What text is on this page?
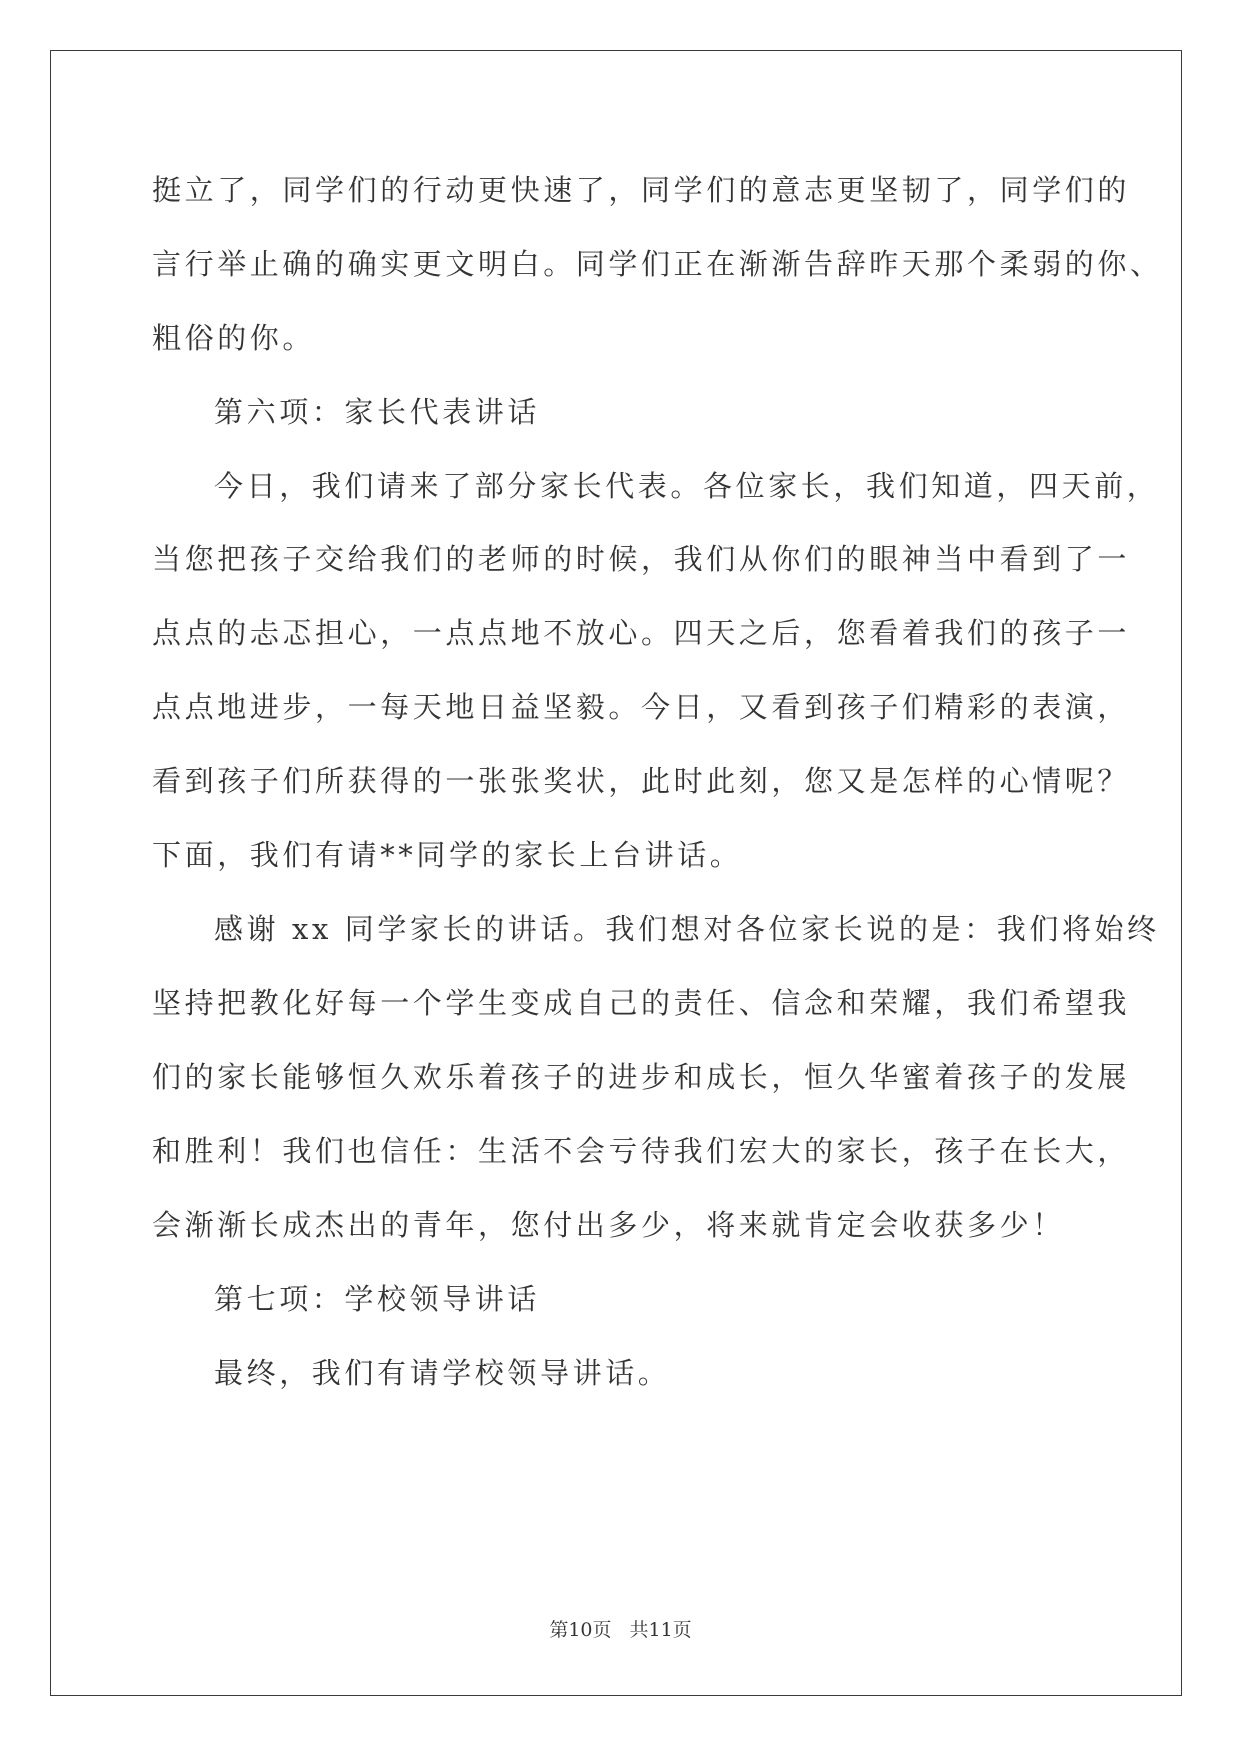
挺立了，同学们的行动更快速了，同学们的意志更坚韧了，同学们的
言行举止确的确实更文明白。同学们正在渐渐告辞昨天那个柔弱的你、
粗俗的你。
第六项：家长代表讲话
今日，我们请来了部分家长代表。各位家长，我们知道，四天前，
当您把孩子交给我们的老师的时候，我们从你们的眼神当中看到了一
点点的忐忑担心，一点点地不放心。四天之后，您看着我们的孩子一
点点地进步，一每天地日益坚毅。今日，又看到孩子们精彩的表演，
看到孩子们所获得的一张张奖状，此时此刻，您又是怎样的心情呢？
下面，我们有请**同学的家长上台讲话。
感谢 xx 同学家长的讲话。我们想对各位家长说的是：我们将始终
坚持把教化好每一个学生变成自己的责任、信念和荣耀，我们希望我
们的家长能够恒久欢乐着孩子的进步和成长，恒久华蜜着孩子的发展
和胜利！我们也信任：生活不会亏待我们宏大的家长，孩子在长大，
会渐渐长成杰出的青年，您付出多少，将来就肯定会收获多少！
第七项：学校领导讲话
最终，我们有请学校领导讲话。
第10页 共11页
